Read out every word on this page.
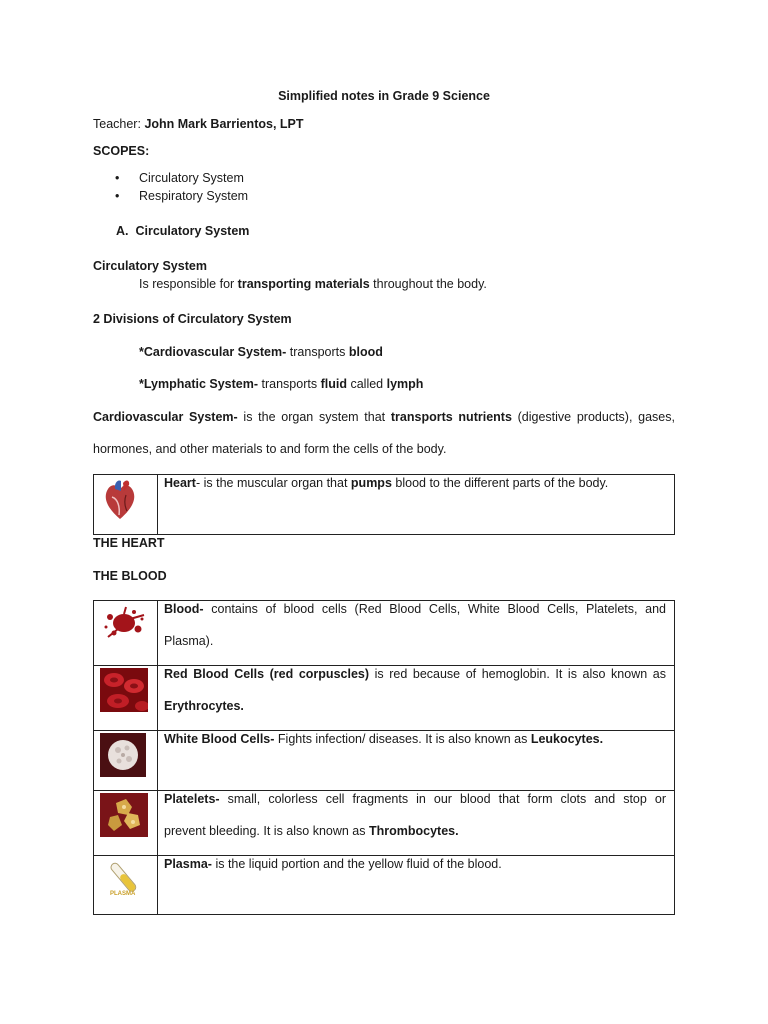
Simplified notes in Grade 9 Science
Teacher: John Mark Barrientos, LPT
SCOPES:
• Circulatory System
• Respiratory System
A. Circulatory System
Circulatory System
Is responsible for transporting materials throughout the body.
2 Divisions of Circulatory System
*Cardiovascular System- transports blood
*Lymphatic System- transports fluid called lymph
Cardiovascular System- is the organ system that transports nutrients (digestive products), gases,
hormones, and other materials to and form the cells of the body.

Heart- is the muscular organ that pumps blood to the different parts of the body.
THE HEART
THE BLOOD

Blood- contains of blood cells (Red Blood Cells, White Blood Cells, Platelets, and
Plasma).

Red Blood Cells (red corpuscles) is red because of hemoglobin. It is also known as
Erythrocytes.

White Blood Cells- Fights infection/ diseases. It is also known as Leukocytes.

Platelets- small, colorless cell fragments in our blood that form clots and stop or
prevent bleeding. It is also known as Thrombocytes.

PLASMA	Plasma- is the liquid portion and the yellow fluid of the blood.
